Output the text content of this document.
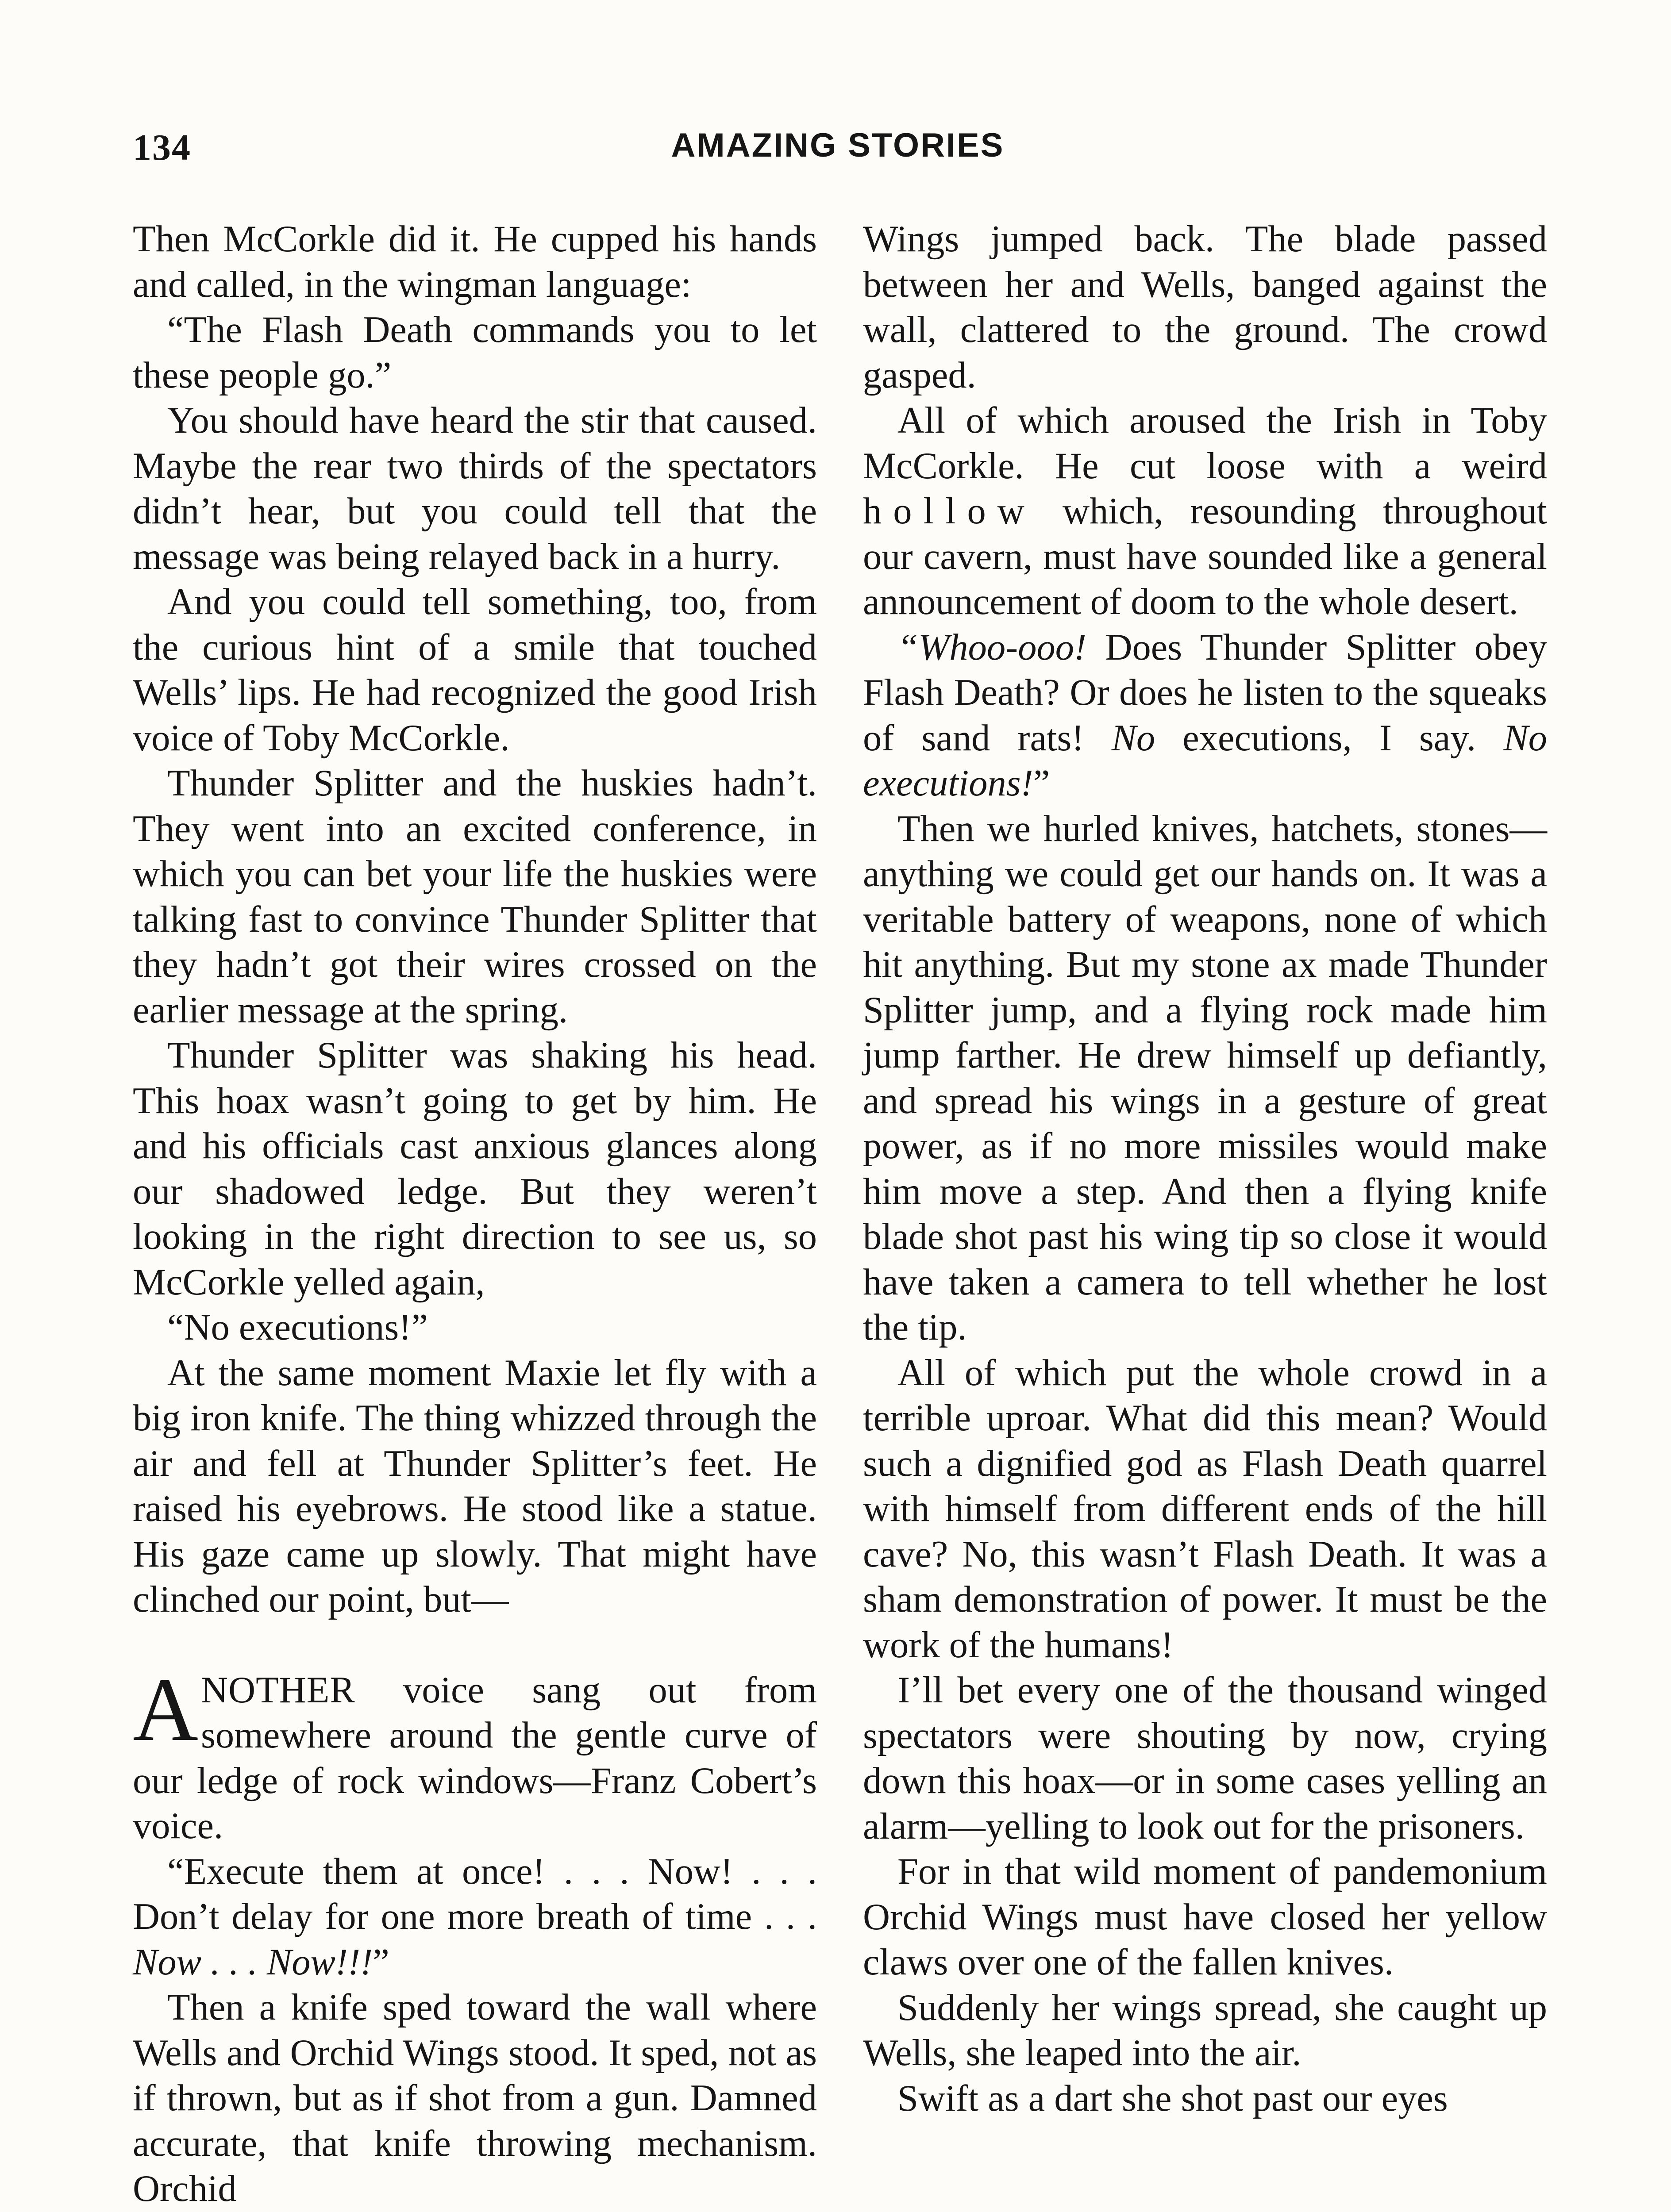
134	AMAZING STORIES

Then McCorkle did it. He cupped his hands and called, in the wingman language:

“The Flash Death commands you to let these people go.”

You should have heard the stir that caused. Maybe the rear two thirds of the spectators didn’t hear, but you could tell that the message was being relayed back in a hurry.

And you could tell something, too, from the curious hint of a smile that touched Wells’ lips. He had recognized the good Irish voice of Toby McCorkle.

Thunder Splitter and the huskies hadn’t. They went into an excited conference, in which you can bet your life the huskies were talking fast to convince Thunder Splitter that they hadn’t got their wires crossed on the earlier message at the spring.

Thunder Splitter was shaking his head. This hoax wasn’t going to get by him. He and his officials cast anxious glances along our shadowed ledge. But they weren’t looking in the right direction to see us, so McCorkle yelled again,

“No executions!”

At the same moment Maxie let fly with a big iron knife. The thing whizzed through the air and fell at Thunder Splitter’s feet. He raised his eyebrows. He stood like a statue. His gaze came up slowly. That might have clinched our point, but—

ANOTHER voice sang out from somewhere around the gentle curve of our ledge of rock windows—Franz Cobert’s voice.

“Execute them at once! . . . Now! . . . Don’t delay for one more breath of time . . . Now . . . Now!!!”

Then a knife sped toward the wall where Wells and Orchid Wings stood. It sped, not as if thrown, but as if shot from a gun. Damned accurate, that knife throwing mechanism. Orchid

Wings jumped back. The blade passed between her and Wells, banged against the wall, clattered to the ground. The crowd gasped.

All of which aroused the Irish in Toby McCorkle. He cut loose with a weird hollow which, resounding throughout our cavern, must have sounded like a general announcement of doom to the whole desert.

“Whoo-ooo! Does Thunder Splitter obey Flash Death? Or does he listen to the squeaks of sand rats! No executions, I say. No executions!”

Then we hurled knives, hatchets, stones—anything we could get our hands on. It was a veritable battery of weapons, none of which hit anything. But my stone ax made Thunder Splitter jump, and a flying rock made him jump farther. He drew himself up defiantly, and spread his wings in a gesture of great power, as if no more missiles would make him move a step. And then a flying knife blade shot past his wing tip so close it would have taken a camera to tell whether he lost the tip.

All of which put the whole crowd in a terrible uproar. What did this mean? Would such a dignified god as Flash Death quarrel with himself from different ends of the hill cave? No, this wasn’t Flash Death. It was a sham demonstration of power. It must be the work of the humans!

I’ll bet every one of the thousand winged spectators were shouting by now, crying down this hoax—or in some cases yelling an alarm—yelling to look out for the prisoners.

For in that wild moment of pandemonium Orchid Wings must have closed her yellow claws over one of the fallen knives.

Suddenly her wings spread, she caught up Wells, she leaped into the air.

Swift as a dart she shot past our eyes
